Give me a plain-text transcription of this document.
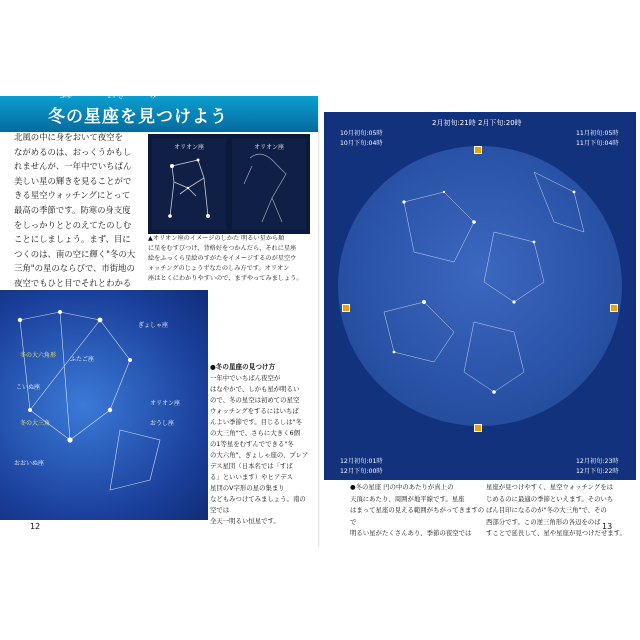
ふゆ	せいざ	み
冬の星座を見つけよう
北風の中に身をおいて夜空を
ながめるのは、おっくうかもし
れませんが、一年中でいちばん
美しい星の輝きを見ることがで
きる星空ウォッチングにとって
最高の季節です。防寒の身支度
をしっかりととのえてたのしむ
ことにしましょう。まず、目に
つくのは、南の空に輝く"冬の大
三角"の星のならびで、市街地の
夜空でもひと目でそれとわかる
オリオン座	オリオン座
▲オリオン座のイメージのしかた 明るい星から順
に星をむすびつけ、背格好をつかんだら、それに星座
絵をふっくら星絵のすがたをイメージするのが星空ウ
ォッチングのじょうずなたのしみ方です。オリオン
座はとくにわかりやすいので、まずやってみましょう。
ぎょしゃ座
ふたご座
こいぬ座
オリオン座
おうし座
おおいぬ座
冬の大三角
冬の大六角形
●冬の星座の見つけ方
一年中でいちばん夜空が
はなやかで、しかも星が明るい
ので、冬の星空は初めての星空
ウォッチングをするにはいちば
んよい季節です。目じるしは"冬
の大三角"で、さらに大きく6個
の1等星をむすんでできる"冬
の大六角"、ぎょしゃ座の、プレア
デス星団（日本名では「すば
る」といいます）やヒアデス
星団のV字形の星の集まり
などもみつけてみましょう。南の空では
全天一明るい恒星です。
12
2月初旬:21時 2月下旬:20時
10月初旬:05時
10月下旬:04時
11月初旬:05時
11月下旬:04時
12月初旬:01時
12月下旬:00時
12月初旬:23時
12月下旬:22時
●冬の星座 円の中のあたりが真上の
天頂にあたり、周囲が地平線です。星座
はまって星座の見える範囲がちがってきますので
明るい星がたくさんあり、季節の夜空では
星座が見つけやすく、星空ウォッチングをは
じめるのに最適の季節といえます。そのいち
ばん目印になるのが"冬の大三角"で、その
西部分です。この逆三角形の各辺をのば
すことで延長して、星や星座が見つけだせます。
13
